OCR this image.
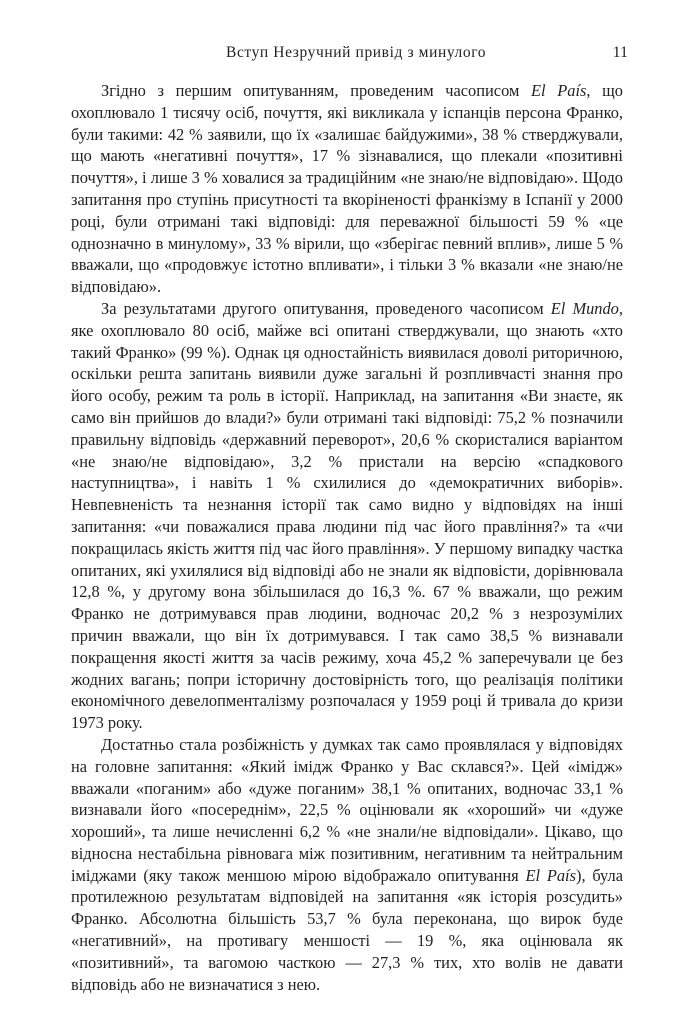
Вступ Незручний привід з минулого	11

Згідно з першим опитуванням, проведеним часописом El País, що охоплювало 1 тисячу осіб, почуття, які викликала у іспанців персона Франко, були такими: 42 % заявили, що їх «залишає байдужими», 38 % стверджували, що мають «негативні почуття», 17 % зізнавалися, що плекали «позитивні почуття», і лише 3 % ховалися за традиційним «не знаю/не відповідаю». Щодо запитання про ступінь присутності та вкоріненості франкізму в Іспанії у 2000 році, були отримані такі відповіді: для переважної більшості 59 % «це однозначно в минулому», 33 % вірили, що «зберігає певний вплив», лише 5 % вважали, що «продовжує істотно впливати», і тільки 3 % вказали «не знаю/не відповідаю».

За результатами другого опитування, проведеного часописом El Mundo, яке охоплювало 80 осіб, майже всі опитані стверджували, що знають «хто такий Франко» (99 %). Однак ця одностайність виявилася доволі риторичною, оскільки решта запитань виявили дуже загальні й розпливчасті знання про його особу, режим та роль в історії. Наприклад, на запитання «Ви знаєте, як само він прийшов до влади?» були отримані такі відповіді: 75,2 % позначили правильну відповідь «державний переворот», 20,6 % скористалися варіантом «не знаю/не відповідаю», 3,2 % пристали на версію «спадкового наступництва», і навіть 1 % схилилися до «демократичних виборів». Невпевненість та незнання історії так само видно у відповідях на інші запитання: «чи поважалися права людини під час його правління?» та «чи покращилась якість життя під час його правління». У першому випадку частка опитаних, які ухилялися від відповіді або не знали як відповісти, дорівнювала 12,8 %, у другому вона збільшилася до 16,3 %. 67 % вважали, що режим Франко не дотримувався прав людини, водночас 20,2 % з незрозумілих причин вважали, що він їх дотримувався. І так само 38,5 % визнавали покращення якості життя за часів режиму, хоча 45,2 % заперечували це без жодних вагань; попри історичну достовірність того, що реалізація політики економічного девелопменталізму розпочалася у 1959 році й тривала до кризи 1973 року.

Достатньо стала розбіжність у думках так само проявлялася у відповідях на головне запитання: «Який імідж Франко у Вас склався?». Цей «імідж» вважали «поганим» або «дуже поганим» 38,1 % опитаних, водночас 33,1 % визнавали його «посереднім», 22,5 % оцінювали як «хороший» чи «дуже хороший», та лише нечисленні 6,2 % «не знали/не відповідали». Цікаво, що відносна нестабільна рівновага між позитивним, негативним та нейтральним іміджами (яку також меншою мірою відображало опитування El País), була протилежною результатам відповідей на запитання «як історія розсудить» Франко. Абсолютна більшість 53,7 % була переконана, що вирок буде «негативний», на противагу меншості — 19 %, яка оцінювала як «позитивний», та вагомою часткою — 27,3 % тих, хто волів не давати відповідь або не визначатися з нею.
